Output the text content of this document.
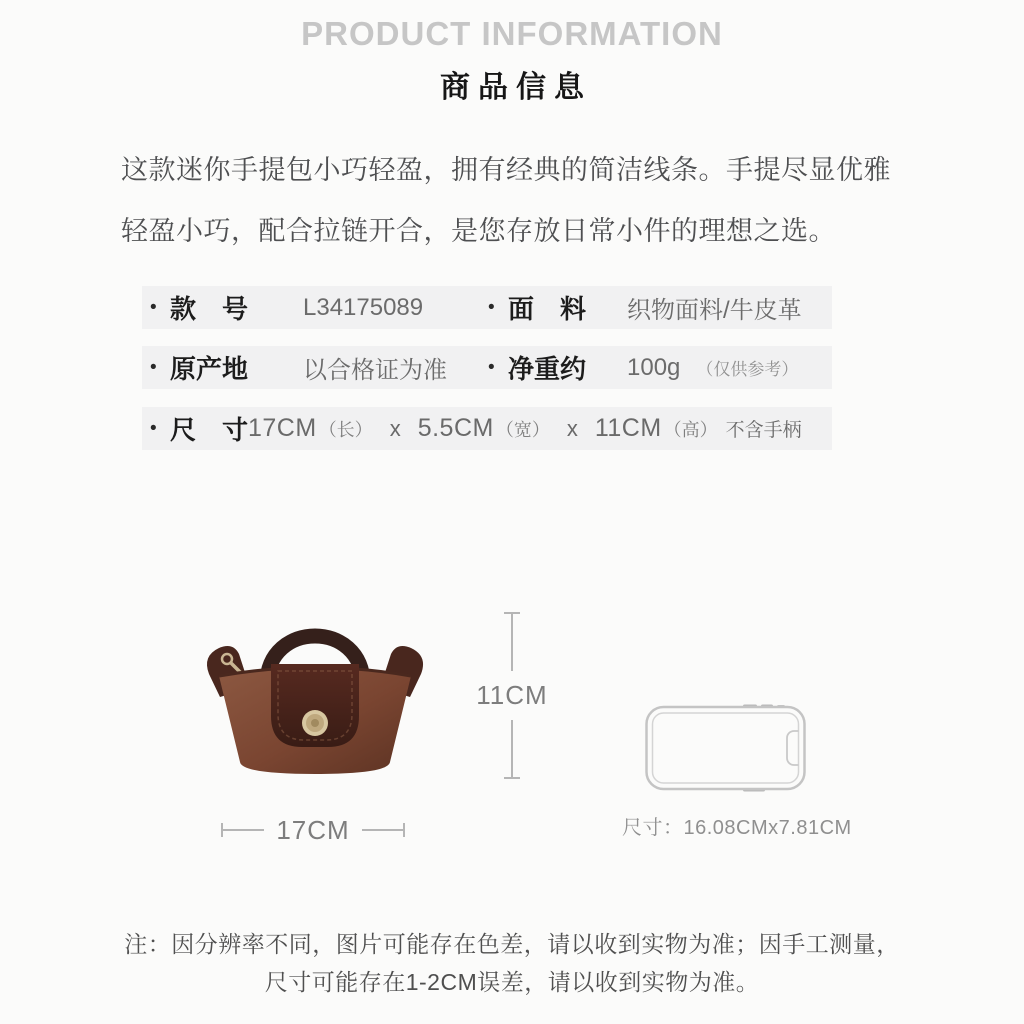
PRODUCT INFORMATION
商品信息

这款迷你手提包小巧轻盈，拥有经典的简洁线条。手提尽显优雅

轻盈小巧，配合拉链开合，是您存放日常小件的理想之选。

• 款　号	L34175089	• 面　料	织物面料/牛皮革
• 原产地	以合格证为准 • 净重约	100g （仅供参考）
• 尺　寸 17CM （长） x 5.5CM （宽） x 11CM （高） 不含手柄
11CM
17CM	尺寸：16.08CMx7.81CM

注：因分辨率不同，图片可能存在色差，请以收到实物为准；因手工测量，

尺寸可能存在1-2CM误差，请以收到实物为准。
